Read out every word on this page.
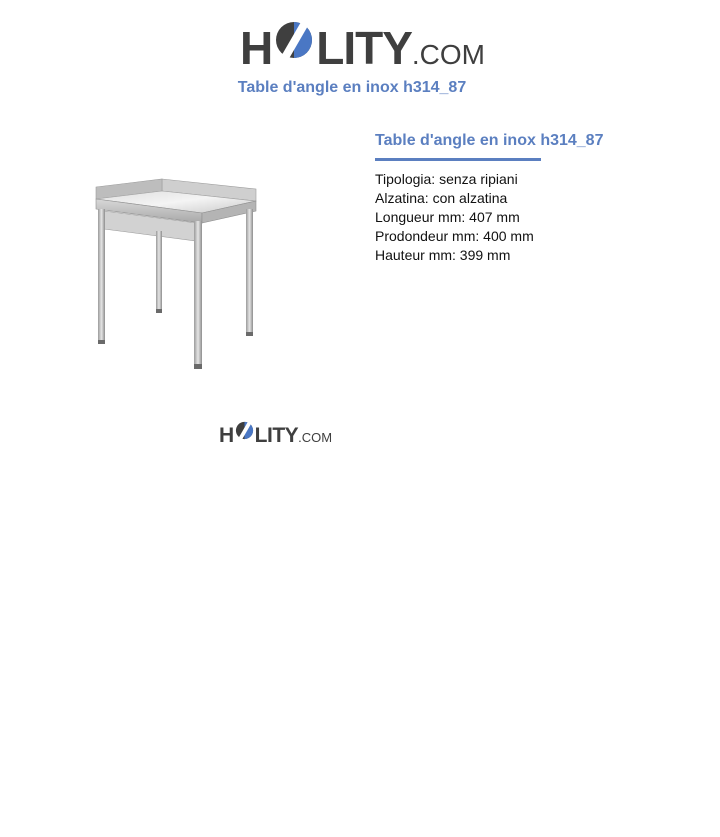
H LITY .COM
Table d'angle en inox h314_87
H LITY .COM
Table d'angle en inox h314_87
Tipologia: senza ripiani
Alzatina: con alzatina
Longueur mm: 407 mm
Prodondeur mm: 400 mm
Hauteur mm: 399 mm
